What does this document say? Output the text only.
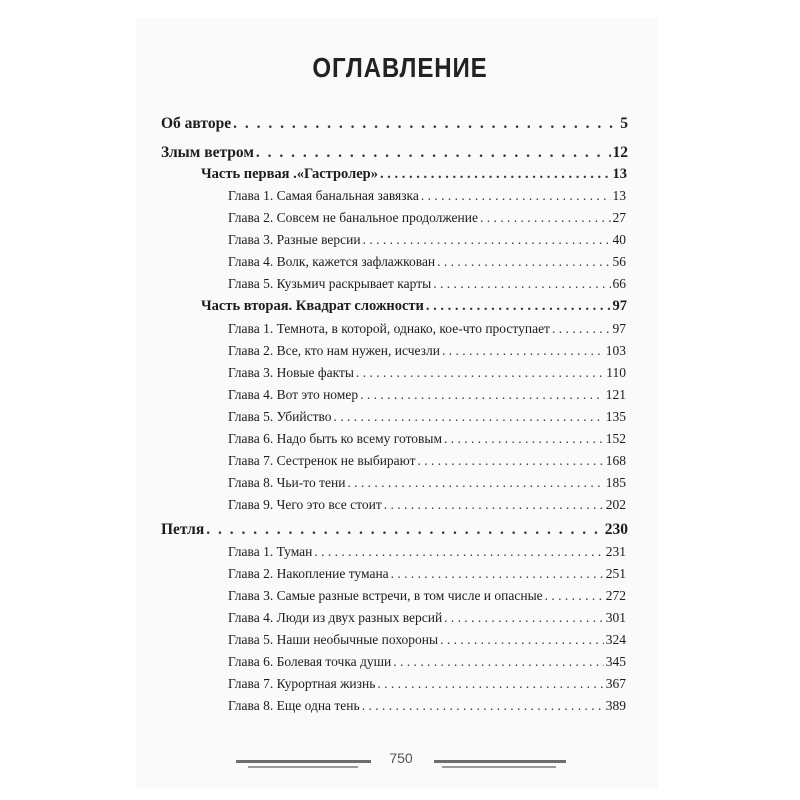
ОГЛАВЛЕНИЕ
Об авторе . . .	5
Злым ветром . . .	12
Часть первая .«Гастролер» . . .	13
Глава 1. Самая банальная завязка . . .	13
Глава 2. Совсем не банальное продолжение . . .	27
Глава 3. Разные версии . . .	40
Глава 4. Волк, кажется зафлажкован . . .	56
Глава 5. Кузьмич раскрывает карты . . .	66
Часть вторая. Квадрат сложности . . .	97
Глава 1. Темнота, в которой, однако, кое-что проступает . . .	97
Глава 2. Все, кто нам нужен, исчезли . . .	103
Глава 3. Новые факты . . .	110
Глава 4. Вот это номер . . .	121
Глава 5. Убийство . . .	135
Глава 6. Надо быть ко всему готовым . . .	152
Глава 7. Сестренок не выбирают . . .	168
Глава 8. Чьи-то тени . . .	185
Глава 9. Чего это все стоит . . .	202
Петля . . .	230
Глава 1. Туман . . .	231
Глава 2. Накопление тумана . . .	251
Глава 3. Самые разные встречи, в том числе и опасные . . .	272
Глава 4. Люди из двух разных версий . . .	301
Глава 5. Наши необычные похороны . . .	324
Глава 6. Болевая точка души . . .	345
Глава 7. Курортная жизнь . . .	367
Глава 8. Еще одна тень . . .	389
750
